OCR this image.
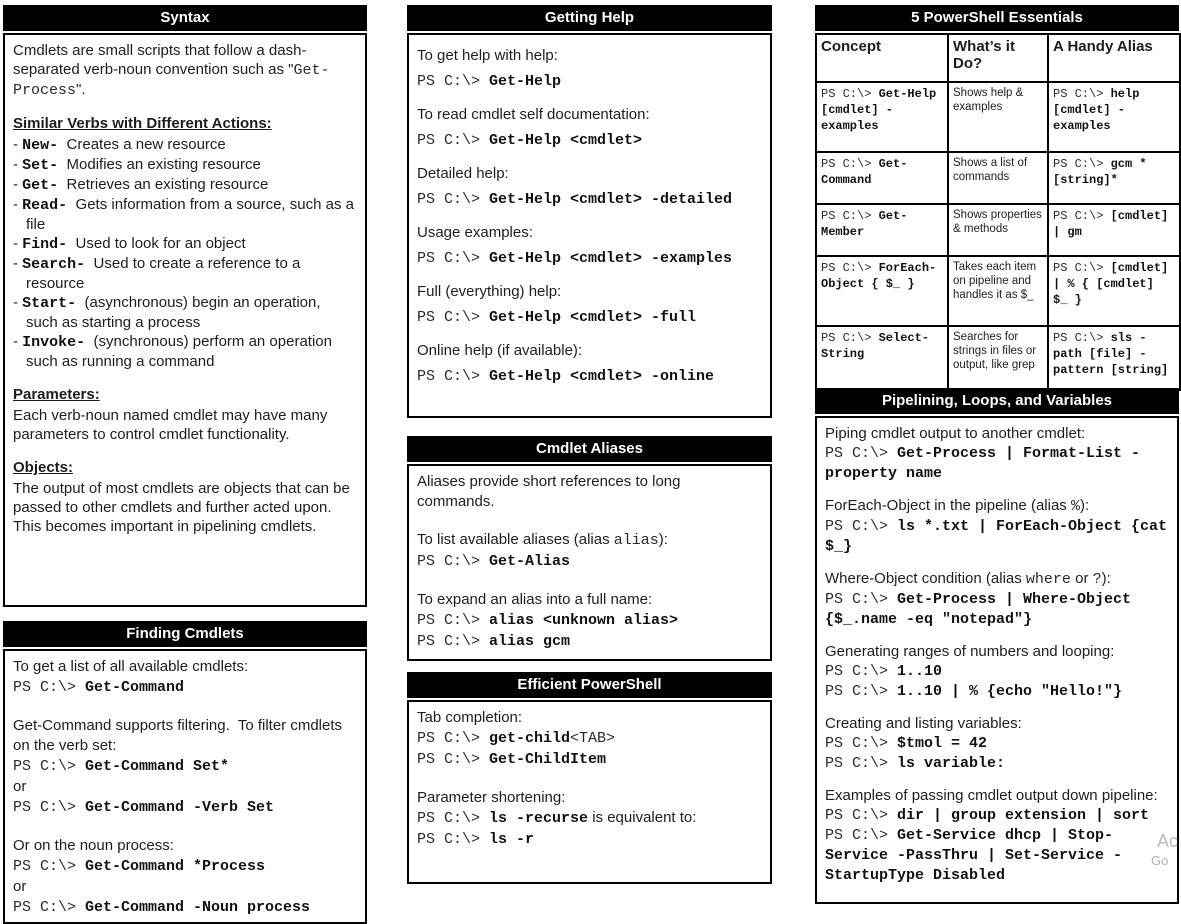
Syntax
Cmdlets are small scripts that follow a dash-separated verb-noun convention such as "Get-Process".
Similar Verbs with Different Actions:
- New-  Creates a new resource
- Set-  Modifies an existing resource
- Get-  Retrieves an existing resource
- Read-  Gets information from a source, such as a file
- Find-  Used to look for an object
- Search-  Used to create a reference to a resource
- Start-  (asynchronous) begin an operation, such as starting a process
- Invoke-  (synchronous) perform an operation such as running a command
Parameters:
Each verb-noun named cmdlet may have many parameters to control cmdlet functionality.
Objects:
The output of most cmdlets are objects that can be passed to other cmdlets and further acted upon.  This becomes important in pipelining cmdlets.
Finding Cmdlets
To get a list of all available cmdlets:
PS C:\> Get-Command
Get-Command supports filtering.  To filter cmdlets on the verb set:
PS C:\> Get-Command Set*             or
PS C:\> Get-Command -Verb Set
Or on the noun process:
PS C:\> Get-Command *Process         or
PS C:\> Get-Command -Noun process
Getting Help
To get help with help:
PS C:\> Get-Help
To read cmdlet self documentation:
PS C:\> Get-Help <cmdlet>
Detailed help:
PS C:\> Get-Help <cmdlet> -detailed
Usage examples:
PS C:\> Get-Help <cmdlet> -examples
Full (everything) help:
PS C:\> Get-Help <cmdlet> -full
Online help (if available):
PS C:\> Get-Help <cmdlet> -online
Cmdlet Aliases
Aliases provide short references to long commands.
To list available aliases (alias alias):
PS C:\> Get-Alias
To expand an alias into a full name:
PS C:\> alias <unknown alias>
PS C:\> alias gcm
Efficient PowerShell
Tab completion:
PS C:\> get-child<TAB>
PS C:\> Get-ChildItem
Parameter shortening:
PS C:\> ls -recurse is equivalent to:
PS C:\> ls -r
5 PowerShell Essentials
Concept	What’s it Do?	A Handy Alias

PS C:\> Get-Help [cmdlet] -examples	Shows help & examples	PS C:\> help [cmdlet] -examples

PS C:\> Get-Command	Shows a list of commands	PS C:\> gcm *[string]*

PS C:\> Get-Member	Shows properties & methods	PS C:\> [cmdlet] | gm

PS C:\> ForEach-Object { $_ }	Takes each item on pipeline and handles it as $_	PS C:\> [cmdlet] | % { [cmdlet] $_ }

PS C:\> Select-String	Searches for strings in files or output, like grep	PS C:\> sls -path [file] -pattern [string]
Pipelining, Loops, and Variables
Piping cmdlet output to another cmdlet:
PS C:\> Get-Process | Format-List -property name
ForEach-Object in the pipeline (alias %):
PS C:\> ls *.txt | ForEach-Object {cat $_}
Where-Object condition (alias where or ?):
PS C:\> Get-Process | Where-Object {$_.name -eq "notepad"}
Generating ranges of numbers and looping:
PS C:\> 1..10
PS C:\> 1..10 | % {echo "Hello!"}
Creating and listing variables:
PS C:\> $tmol = 42
PS C:\> ls variable:
Examples of passing cmdlet output down pipeline:
PS C:\> dir | group extension | sort
PS C:\> Get-Service dhcp | Stop-Service -PassThru | Set-Service -StartupType Disabled
Ac
Go
